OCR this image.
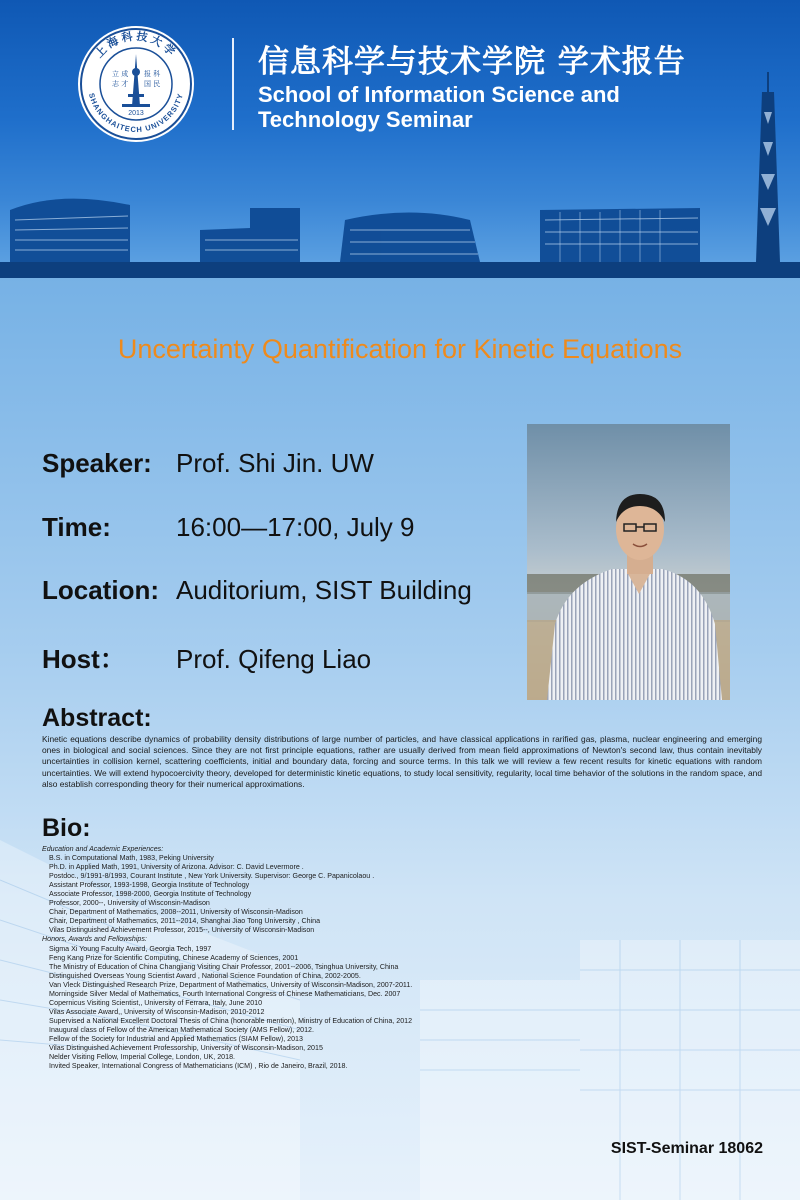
上海科技大学
SHANGHAITECH UNIVERSITY
立 成
志 才
报 科
国 民
2013
信息科学与技术学院 学术报告
School of Information Science and Technology Seminar
Uncertainty Quantification for Kinetic Equations
Speaker: Prof. Shi Jin. UW
Time:	16:00—17:00, July 9
Location: Auditorium, SIST Building
Host： Prof. Qifeng Liao
Abstract:
Kinetic equations describe dynamics of probability density distributions of large number of particles, and have classical applications in rarified gas, plasma, nuclear engineering and emerging ones in biological and social sciences. Since they are not first principle equations, rather are usually derived from mean field approximations of Newton's second law, thus contain inevitably uncertainties in collision kernel, scattering coefficients, initial and boundary data, forcing and source terms. In this talk we will review a few recent results for kinetic equations with random uncertainties. We will extend hypocoercivity theory, developed for deterministic kinetic equations, to study local sensitivity, regularity, local time behavior of the solutions in the random space, and also establish corresponding theory for their numerical approximations.
Bio:
Education and Academic Experiences:
B.S. in Computational Math, 1983, Peking University
Ph.D. in Applied Math, 1991, University of Arizona. Advisor: C. David Levermore .
Postdoc., 9/1991-8/1993, Courant Institute , New York University. Supervisor: George C. Papanicolaou .
Assistant Professor, 1993-1998, Georgia Institute of Technology
Associate Professor, 1998-2000, Georgia Institute of Technology
Professor, 2000--, University of Wisconsin-Madison
Chair, Department of Mathematics, 2008--2011, University of Wisconsin-Madison
Chair, Department of Mathematics, 2011--2014, Shanghai Jiao Tong University , China
Vilas Distinguished Achievement Professor, 2015--, University of Wisconsin-Madison
Honors, Awards and Fellowships:
Sigma Xi Young Faculty Award, Georgia Tech, 1997
Feng Kang Prize for Scientific Computing, Chinese Academy of Sciences, 2001
The Ministry of Education of China Changjiang Visiting Chair Professor, 2001--2006, Tsinghua University, China
Distinguished Overseas Young Scientist Award , National Science Foundation of China, 2002-2005.
Van Vleck Distinguished Research Prize, Department of Mathematics, University of Wisconsin-Madison, 2007-2011.
Morningside Silver Medal of Mathematics, Fourth International Congress of Chinese Mathematicians, Dec. 2007
Copernicus Visiting Scientist,, University of Ferrara, Italy, June 2010
Vilas Associate Award,, University of Wisconsin-Madison, 2010-2012
Supervised a National Excellent Doctoral Thesis of China (honorable mention), Ministry of Education of China, 2012
Inaugural class of Fellow of the American Mathematical Society (AMS Fellow), 2012.
Fellow of the Society for Industrial and Applied Mathematics (SIAM Fellow), 2013
Vilas Distinguished Achievement Professorship, University of Wisconsin-Madison, 2015
Nelder Visiting Fellow, Imperial College, London, UK, 2018.
Invited Speaker, International Congress of Mathematicians (ICM) , Rio de Janeiro, Brazil, 2018.
SIST-Seminar 18062
